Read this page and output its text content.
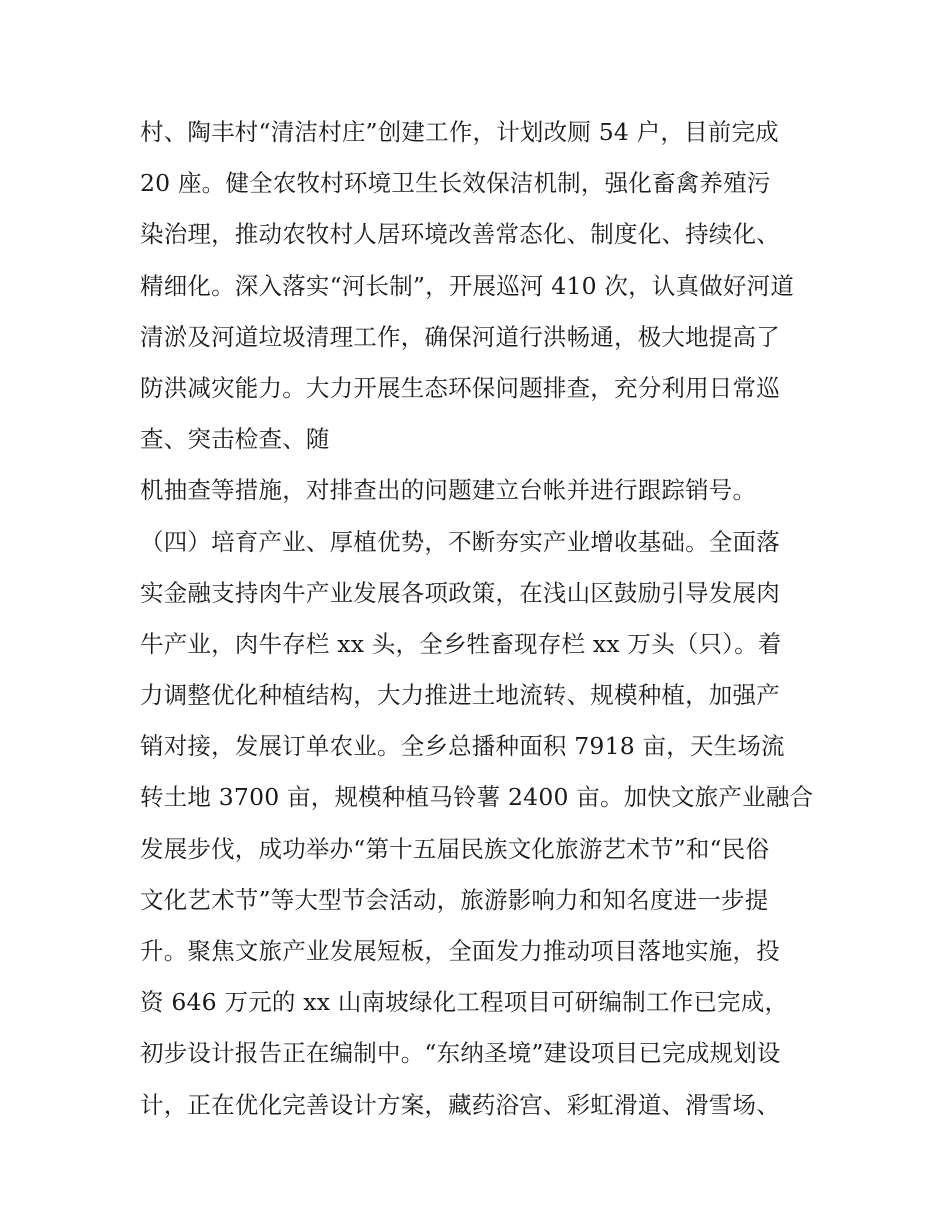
村、陶丰村“清洁村庄”创建工作，计划改厕 54 户，目前完成
20 座。健全农牧村环境卫生长效保洁机制，强化畜禽养殖污
染治理，推动农牧村人居环境改善常态化、制度化、持续化、
精细化。深入落实“河长制”，开展巡河 410 次，认真做好河道
清淤及河道垃圾清理工作，确保河道行洪畅通，极大地提高了
防洪减灾能力。大力开展生态环保问题排查，充分利用日常巡
查、突击检查、随
机抽查等措施，对排查出的问题建立台帐并进行跟踪销号。
（四）培育产业、厚植优势，不断夯实产业增收基础。全面落
实金融支持肉牛产业发展各项政策，在浅山区鼓励引导发展肉
牛产业，肉牛存栏 xx 头，全乡牲畜现存栏 xx 万头（只）。着
力调整优化种植结构，大力推进土地流转、规模种植，加强产
销对接，发展订单农业。全乡总播种面积 7918 亩，天生场流
转土地 3700 亩，规模种植马铃薯 2400 亩。加快文旅产业融合
发展步伐，成功举办“第十五届民族文化旅游艺术节”和“民俗
文化艺术节”等大型节会活动，旅游影响力和知名度进一步提
升。聚焦文旅产业发展短板，全面发力推动项目落地实施，投
资 646 万元的 xx 山南坡绿化工程项目可研编制工作已完成，
初步设计报告正在编制中。“东纳圣境”建设项目已完成规划设
计，正在优化完善设计方案，藏药浴宫、彩虹滑道、滑雪场、
